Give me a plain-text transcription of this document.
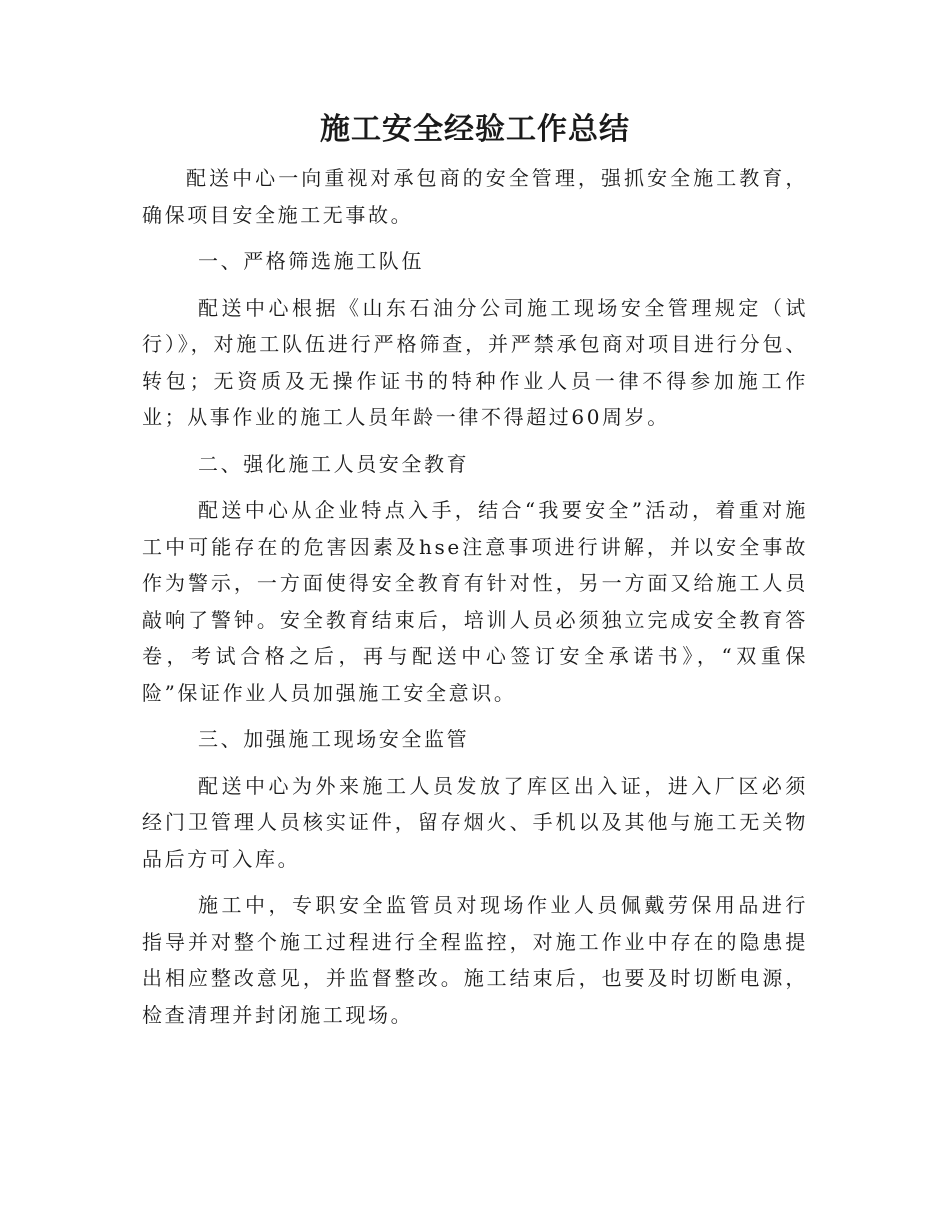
施工安全经验工作总结

配送中心一向重视对承包商的安全管理，强抓安全施工教育，确保项目安全施工无事故。

一、严格筛选施工队伍

配送中心根据《山东石油分公司施工现场安全管理规定（试行）》，对施工队伍进行严格筛查，并严禁承包商对项目进行分包、转包；无资质及无操作证书的特种作业人员一律不得参加施工作业；从事作业的施工人员年龄一律不得超过60周岁。

二、强化施工人员安全教育

配送中心从企业特点入手，结合“我要安全”活动，着重对施工中可能存在的危害因素及hse注意事项进行讲解，并以安全事故作为警示，一方面使得安全教育有针对性，另一方面又给施工人员敲响了警钟。安全教育结束后，培训人员必须独立完成安全教育答卷，考试合格之后，再与配送中心签订安全承诺书》，“双重保险”保证作业人员加强施工安全意识。

三、加强施工现场安全监管

配送中心为外来施工人员发放了库区出入证，进入厂区必须经门卫管理人员核实证件，留存烟火、手机以及其他与施工无关物品后方可入库。

施工中，专职安全监管员对现场作业人员佩戴劳保用品进行指导并对整个施工过程进行全程监控，对施工作业中存在的隐患提出相应整改意见，并监督整改。施工结束后，也要及时切断电源，检查清理并封闭施工现场。
